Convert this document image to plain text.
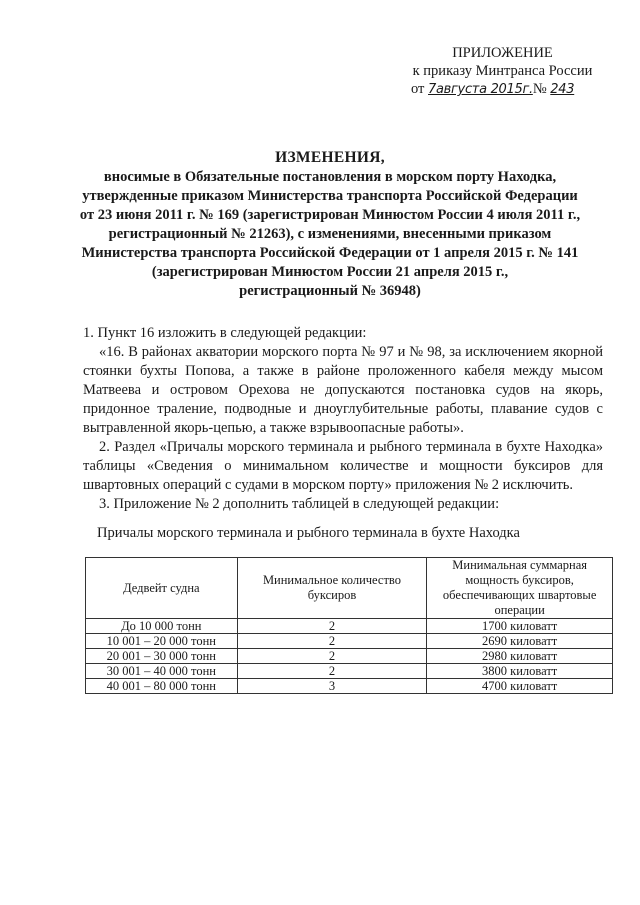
ПРИЛОЖЕНИЕ
к приказу Минтранса России
от 7августа 2015г.№ 243
ИЗМЕНЕНИЯ,
вносимые в Обязательные постановления в морском порту Находка,
утвержденные приказом Министерства транспорта Российской Федерации
от 23 июня 2011 г. № 169 (зарегистрирован Минюстом России 4 июля 2011 г.,
регистрационный № 21263), с изменениями, внесенными приказом
Министерства транспорта Российской Федерации от 1 апреля 2015 г. № 141
(зарегистрирован Минюстом России 21 апреля 2015 г.,
регистрационный № 36948)

1. Пункт 16 изложить в следующей редакции:

«16. В районах акватории морского порта № 97 и № 98, за исключением якорной стоянки бухты Попова, а также в районе проложенного кабеля между мысом Матвеева и островом Орехова не допускаются постановка судов на якорь, придонное траление, подводные и дноуглубительные работы, плавание судов с вытравленной якорь-цепью, а также взрывоопасные работы».

2. Раздел «Причалы морского терминала и рыбного терминала в бухте Находка» таблицы «Сведения о минимальном количестве и мощности буксиров для швартовных операций с судами в морском порту» приложения № 2 исключить.

3. Приложение № 2 дополнить таблицей в следующей редакции:

Причалы морского терминала и рыбного терминала в бухте Находка
Дедвейт судна	Минимальное количество буксиров	Минимальная суммарная мощность буксиров, обеспечивающих швартовые операции
До 10 000 тонн	2	1700 киловатт
10 001 – 20 000 тонн	2	2690 киловатт
20 001 – 30 000 тонн	2	2980 киловатт
30 001 – 40 000 тонн	2	3800 киловатт
40 001 – 80 000 тонн	3	4700 киловатт
